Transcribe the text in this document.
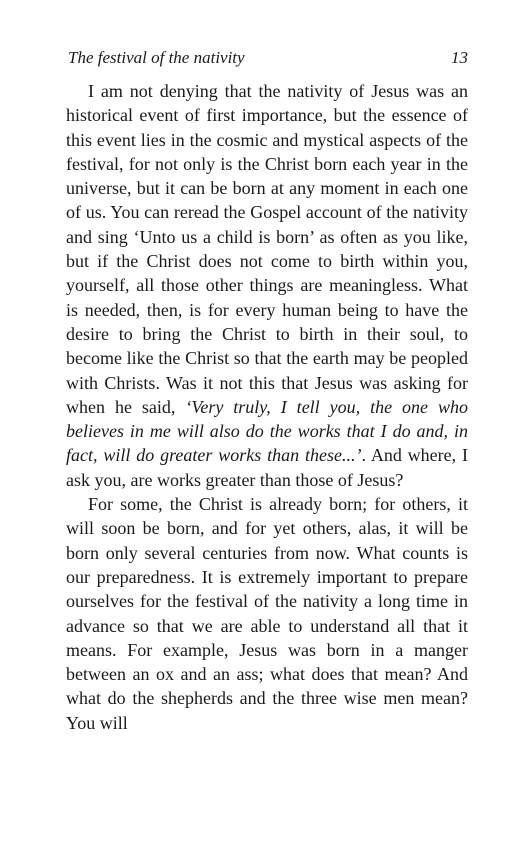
The festival of the nativity	13

I am not denying that the nativity of Jesus was an historical event of first importance, but the essence of this event lies in the cosmic and mystical aspects of the festival, for not only is the Christ born each year in the universe, but it can be born at any moment in each one of us. You can reread the Gospel account of the nativity and sing ‘Unto us a child is born’ as often as you like, but if the Christ does not come to birth within you, yourself, all those other things are meaningless. What is needed, then, is for every human being to have the desire to bring the Christ to birth in their soul, to become like the Christ so that the earth may be peopled with Christs. Was it not this that Jesus was asking for when he said, ‘Very truly, I tell you, the one who believes in me will also do the works that I do and, in fact, will do greater works than these...’. And where, I ask you, are works greater than those of Jesus?

For some, the Christ is already born; for others, it will soon be born, and for yet others, alas, it will be born only several centuries from now. What counts is our preparedness. It is extremely important to prepare ourselves for the festival of the nativity a long time in advance so that we are able to understand all that it means. For example, Jesus was born in a manger between an ox and an ass; what does that mean? And what do the shepherds and the three wise men mean? You will
